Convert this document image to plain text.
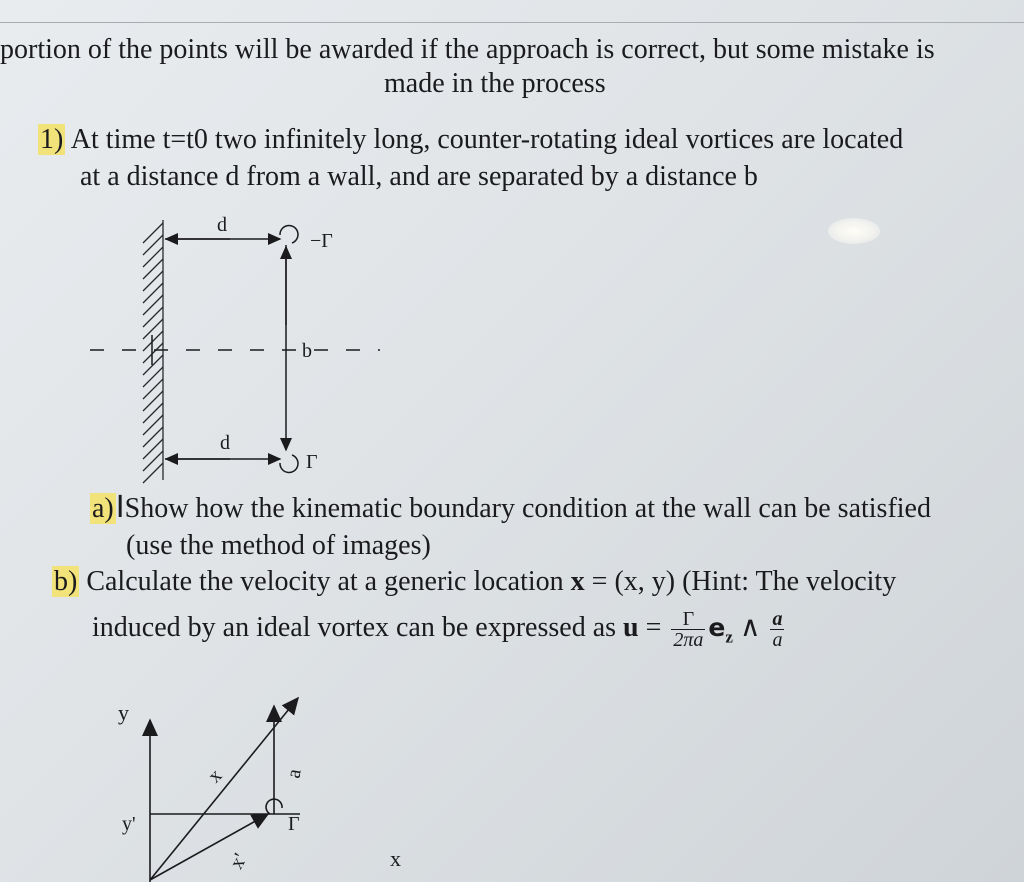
portion of the points will be awarded if the approach is correct, but some mistake is
made in the process
1) At time t=t0 two infinitely long, counter-rotating ideal vortices are located
at a distance d from a wall, and are separated by a distance b
d
d
b
−Γ
Γ
a)IShow how the kinematic boundary condition at the wall can be satisfied
(use the method of images)
b) Calculate the velocity at a generic location x = (x, y) (Hint: The velocity
induced by an ideal vortex can be expressed as $u = \frac{\Gamma}{2\pi a} e_z$ ∧ $\frac{a}{a}$
y
y'
x
x
x'
a
Γ
